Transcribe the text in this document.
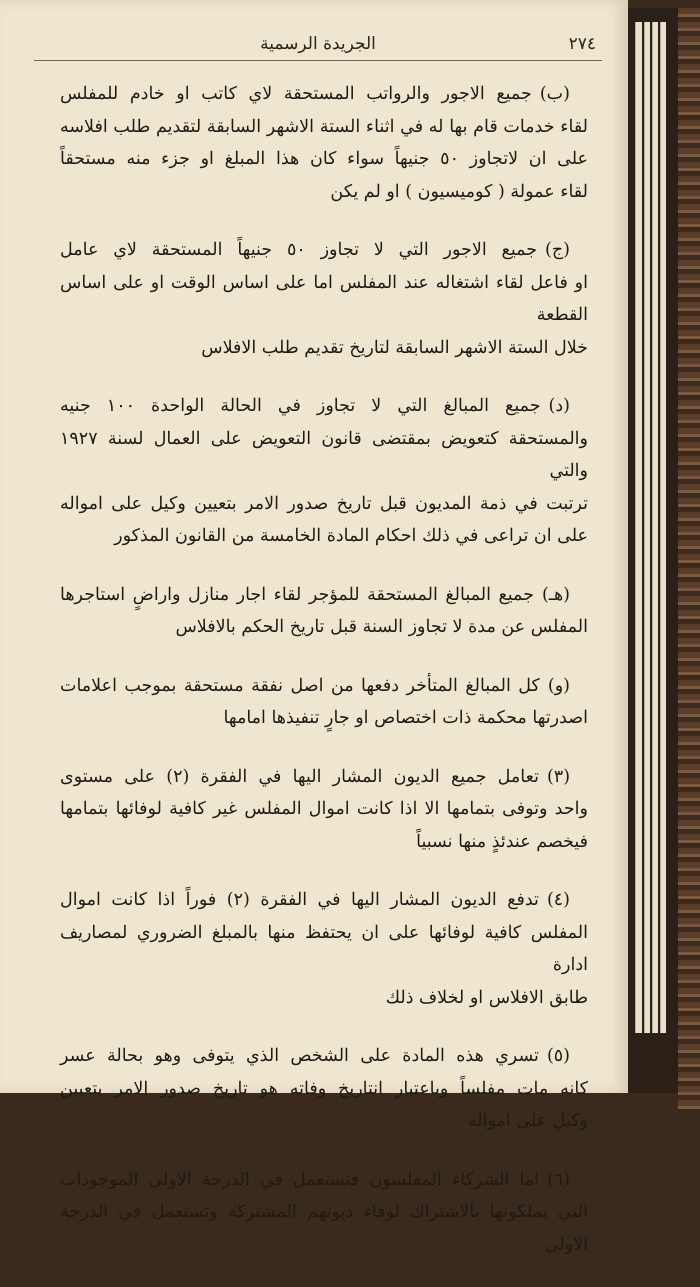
الجريدة الرسمية	٢٧٤
(ب)جميع الاجور والرواتب المستحقة لاي كاتب او خادم للمفلس
لقاء خدمات قام بها له في اثناء الستة الاشهر السابقة لتقديم طلب افلاسه
على ان لاتجاوز ٥٠ جنيهاً سواء كان هذا المبلغ او جزء منه مستحقاً
لقاء عمولة ( كوميسيون ) او لم يكن
(ج)جميع الاجور التي لا تجاوز ٥٠ جنيهاً المستحقة لاي عامل
او فاعل لقاء اشتغاله عند المفلس اما على اساس الوقت او على اساس القطعة
خلال الستة الاشهر السابقة لتاريخ تقديم طلب الافلاس
(د)جميع المبالغ التي لا تجاوز في الحالة الواحدة ١٠٠ جنيه
والمستحقة كتعويض بمقتضى قانون التعويض على العمال لسنة ١٩٢٧ والتي
ترتبت في ذمة المديون قبل تاريخ صدور الامر بتعيين وكيل على امواله
على ان تراعى في ذلك احكام المادة الخامسة من القانون المذكور
(هـ)جميع المبالغ المستحقة للمؤجر لقاء اجار منازل واراضٍ استاجرها
المفلس عن مدة لا تجاوز السنة قبل تاريخ الحكم بالافلاس
(و)كل المبالغ المتأخر دفعها من اصل نفقة مستحقة بموجب اعلامات
اصدرتها محكمة ذات اختصاص او جارٍ تنفيذها امامها
(٣)تعامل جميع الديون المشار اليها في الفقرة (٢) على مستوى
واحد وتوفى بتمامها الا اذا كانت اموال المفلس غير كافية لوفائها بتمامها
فيخصم عندئذٍ منها نسبياً
(٤)تدفع الديون المشار اليها في الفقرة (٢) فوراً اذا كانت اموال
المفلس كافية لوفائها على ان يحتفظ منها بالمبلغ الضروري لمصاريف ادارة
طابق الافلاس او لخلاف ذلك
(٥)تسري هذه المادة على الشخص الذي يتوفى وهو بحالة عسر
كانه مات مفلساً وباعتبار انتاريخ وفاته هو تاريخ صدور الامر بتعيين
وكيل على امواله
(٦)اما الشركاء المفلسون فتستعمل في الدرجة الاولى الموجودات
التي يملكونها بالاشتراك لوفاء ديونهم المشتركة وتستعمل في الدرجة الاولى
